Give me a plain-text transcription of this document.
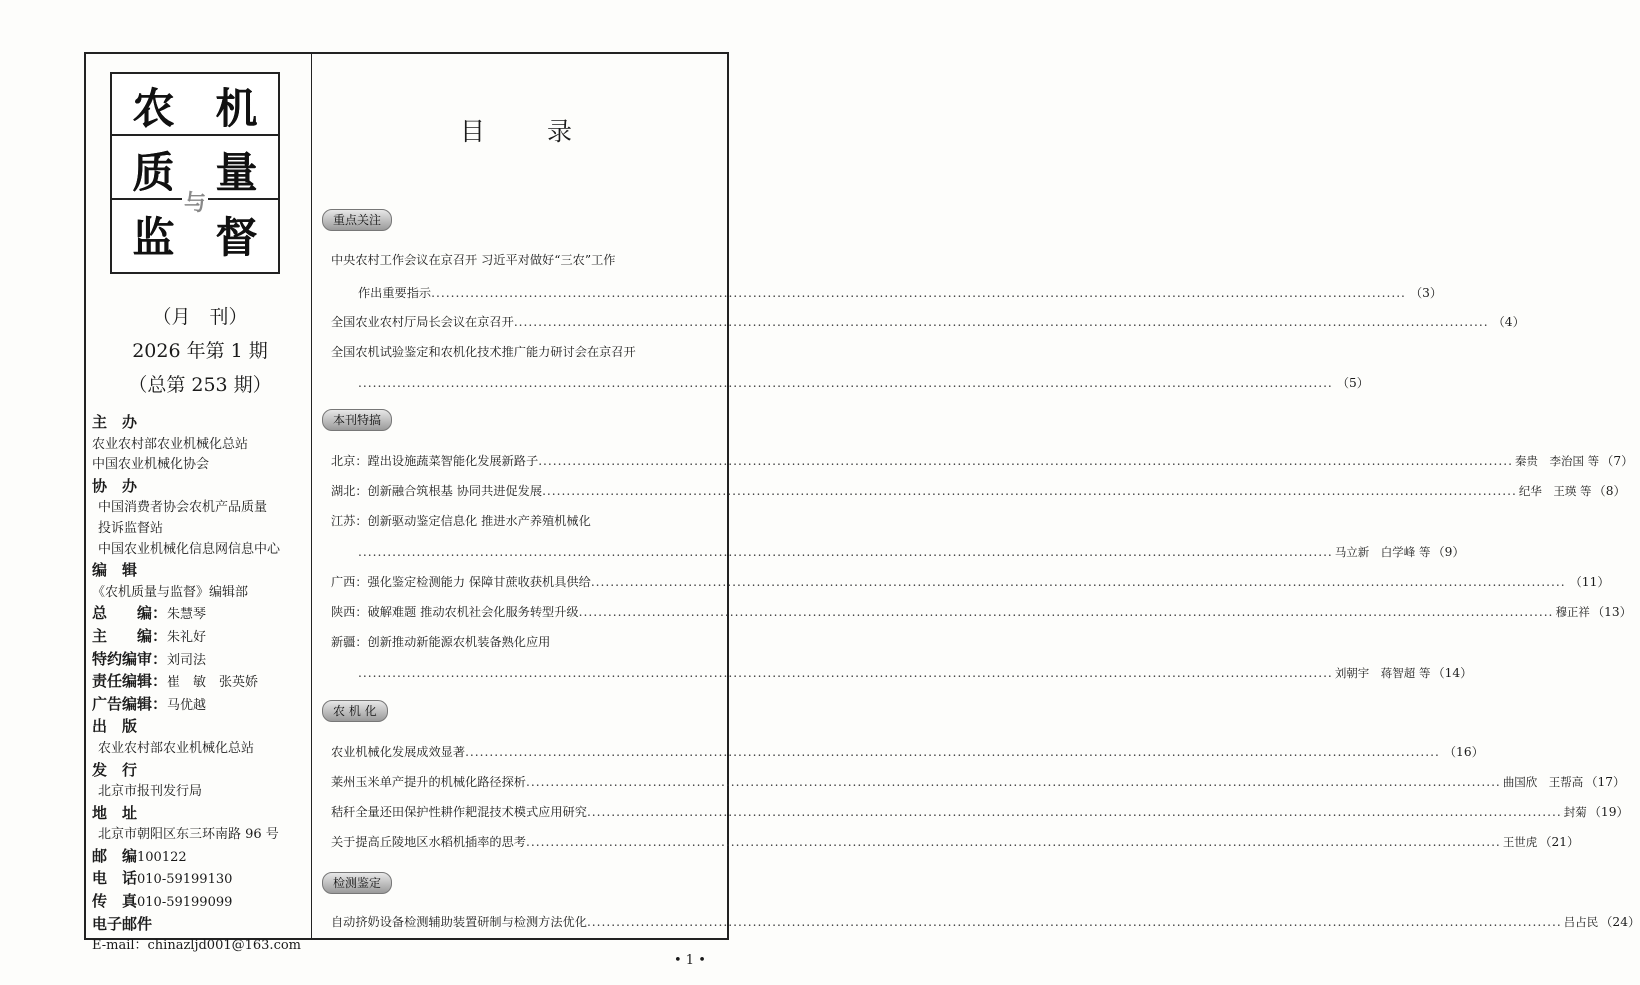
农 机
质 量
监 督
与
（月　刊）
2026 年第 1 期
（总第 253 期）
主　办
农业农村部农业机械化总站
中国农业机械化协会
协　办
中国消费者协会农机产品质量
投诉监督站
中国农业机械化信息网信息中心
编　辑
《农机质量与监督》编辑部
总　　编：朱慧琴
主　　编：朱礼好
特约编审：刘司法
责任编辑：崔　敏　张英娇
广告编辑：马优越
出　版
农业农村部农业机械化总站
发　行
北京市报刊发行局
地　址
北京市朝阳区东三环南路 96 号
邮　编100122
电　话010-59199130
传　真010-59199099
电子邮件
E-mail：chinazljd001@163.com
目录
重点关注
中央农村工作会议在京召开 习近平对做好“三农”工作
作出重要指示 ........................................................................................................................................................................................................ （3）
全国农业农村厅局长会议在京召开 ........................................................................................................................................................................................................ （4）
全国农机试验鉴定和农机化技术推广能力研讨会在京召开
........................................................................................................................................................................................................ （5）
本刊特搞
北京：蹚出设施蔬菜智能化发展新路子 ........................................................................................................................................................................................................ 秦贵　李治国 等 （7）
湖北：创新融合筑根基 协同共进促发展 ........................................................................................................................................................................................................ 纪华　王瑛 等 （8）
江苏：创新驱动鉴定信息化 推进水产养殖机械化
........................................................................................................................................................................................................ 马立新　白学峰 等 （9）
广西：强化鉴定检测能力 保障甘蔗收获机具供给 ........................................................................................................................................................................................................ （11）
陕西：破解难题 推动农机社会化服务转型升级 ........................................................................................................................................................................................................ 穆正祥 （13）
新疆：创新推动新能源农机装备熟化应用
........................................................................................................................................................................................................ 刘朝宇　蒋智超 等 （14）
农 机 化
农业机械化发展成效显著 ........................................................................................................................................................................................................ （16）
莱州玉米单产提升的机械化路径探析 ........................................................................................................................................................................................................ 曲国欣　王帮高 （17）
秸秆全量还田保护性耕作耙混技术模式应用研究 ........................................................................................................................................................................................................ 封菊 （19）
关于提高丘陵地区水稻机插率的思考 ........................................................................................................................................................................................................ 王世虎 （21）
检测鉴定
自动挤奶设备检测辅助装置研制与检测方法优化 ........................................................................................................................................................................................................ 吕占民 （24）
• 1 •
